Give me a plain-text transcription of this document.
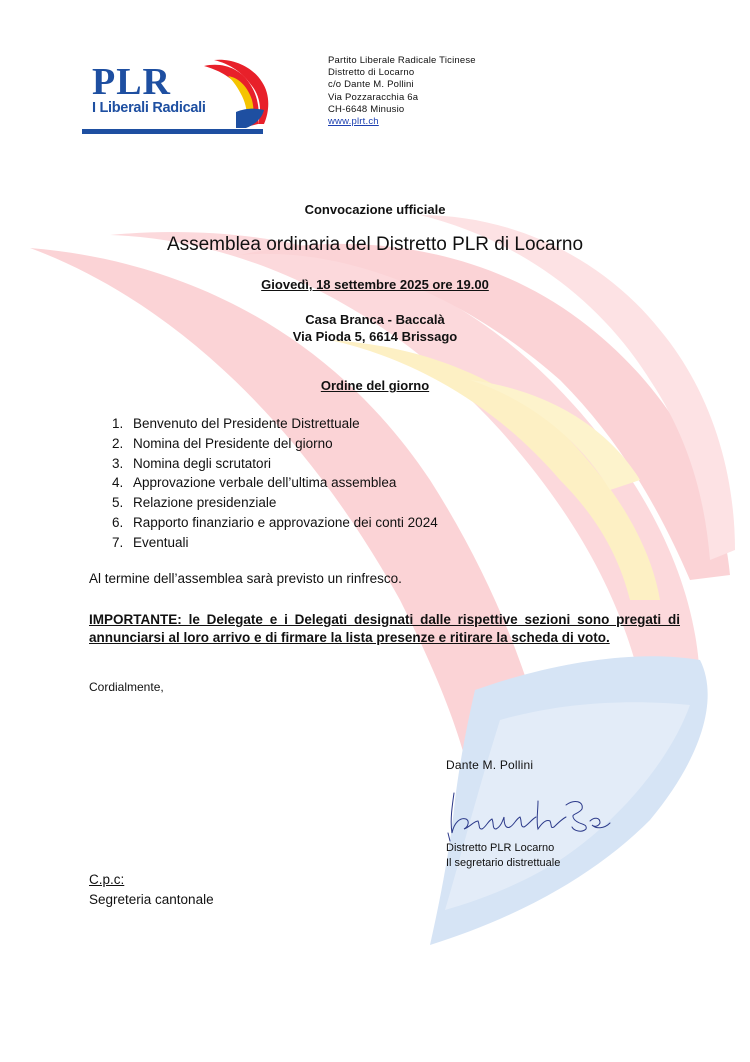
PLR
I Liberali Radicali
Partito Liberale Radicale Ticinese
Distretto di Locarno
c/o Dante M. Pollini
Via Pozzaracchia 6a
CH-6648 Minusio
www.plrt.ch
Convocazione ufficiale
Assemblea ordinaria del Distretto PLR di Locarno
Giovedì, 18 settembre 2025 ore 19.00
Casa Branca - Baccalà
Via Pioda 5, 6614 Brissago
Ordine del giorno
1. Benvenuto del Presidente Distrettuale
2. Nomina del Presidente del giorno
3. Nomina degli scrutatori
4. Approvazione verbale dell’ultima assemblea
5. Relazione presidenziale
6. Rapporto finanziario e approvazione dei conti 2024
7. Eventuali
Al termine dell’assemblea sarà previsto un rinfresco.
IMPORTANTE: le Delegate e i Delegati designati dalle rispettive sezioni sono pregati di annunciarsi al loro arrivo e di firmare la lista presenze e ritirare la scheda di voto.
Cordialmente,
Dante M. Pollini
Distretto PLR Locarno
Il segretario distrettuale
C.p.c:
Segreteria cantonale
